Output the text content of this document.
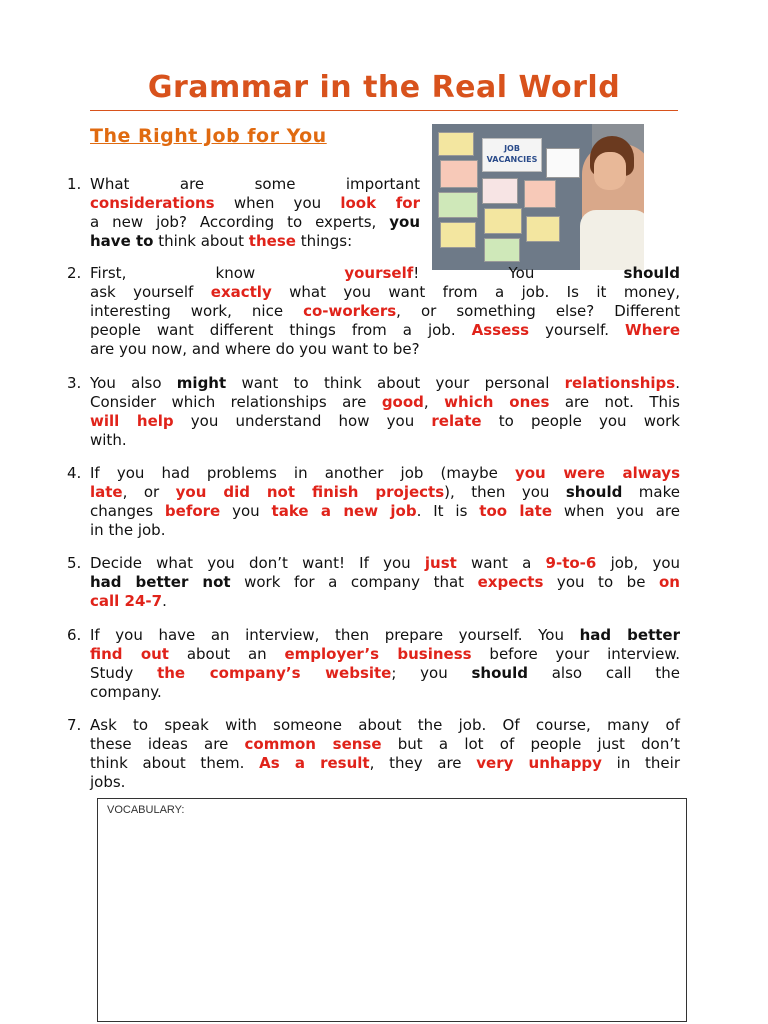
Grammar in the Real World
The Right Job for You
JOB
VACANCIES
1. What      are      some      important
considerations when you look for
a new job? According to experts, you
have to think about these things:
2. First,  know  yourself!  You  should
ask yourself exactly what you want from a job. Is it money,
interesting work, nice co-workers, or something else? Different
people want different things from a job. Assess yourself. Where
are you now, and where do you want to be?
3. You also might want to think about your personal relationships.
Consider which relationships are good, which ones are not. This
will help you understand how you relate to people you work
with.
4. If you had problems in another job (maybe you were always
late, or you did not finish projects), then you should make
changes before you take a new job. It is too late when you are
in the job.
5. Decide what you don’t want! If you just want a 9-to-6 job, you
had better not work for a company that expects you to be on
call 24-7.
6. If you have an interview, then prepare yourself. You had better
find out about an employer’s business before your interview.
Study  the  company’s  website;  you  should  also  call  the
company.
7. Ask to speak with someone about the job. Of course, many of
these ideas are common sense but a lot of people just don’t
think about them. As a result, they are very unhappy in their
jobs.
VOCABULARY:
